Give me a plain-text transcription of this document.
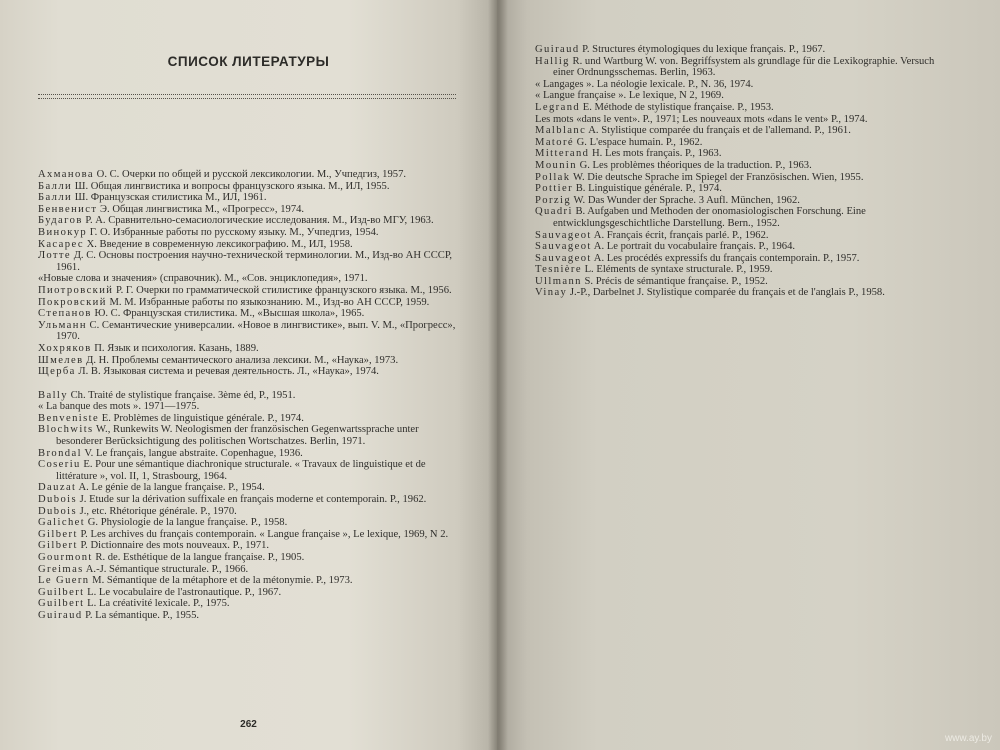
СПИСОК ЛИТЕРАТУРЫ
Ахманова О. С. Очерки по общей и русской лексикологии. М., Учпедгиз, 1957.
Балли Ш. Общая лингвистика и вопросы французского языка. М., ИЛ, 1955.
Балли Ш. Французская стилистика М., ИЛ, 1961.
Бенвенист Э. Общая лингвистика М., «Прогресс», 1974.
Будагов Р. А. Сравнительно-семасиологические исследования. М., Изд-во МГУ, 1963.
Винокур Г. О. Избранные работы по русскому языку. М., Учпедгиз, 1954.
Касарес Х. Введение в современную лексикографию. М., ИЛ, 1958.
Лотте Д. С. Основы построения научно-технической терминологии. М., Изд-во АН СССР, 1961.
«Новые слова и значения» (справочник). М., «Сов. энциклопедия», 1971.
Пиотровский Р. Г. Очерки по грамматической стилистике французского языка. М., 1956.
Покровский М. М. Избранные работы по языкознанию. М., Изд-во АН СССР, 1959.
Степанов Ю. С. Французская стилистика. М., «Высшая школа», 1965.
Ульманн С. Семантические универсалии. «Новое в лингвистике», вып. V. М., «Прогресс», 1970.
Хохряков П. Язык и психология. Казань, 1889.
Шмелев Д. Н. Проблемы семантического анализа лексики. М., «Наука», 1973.
Щерба Л. В. Языковая система и речевая деятельность. Л., «Наука», 1974.
Bally Ch. Traité de stylistique française. 3ème éd, P., 1951.
« La banque des mots ». 1971—1975.
Benveniste E. Problèmes de linguistique générale. P., 1974.
Blochwits W., Runkewits W. Neologismen der französischen Gegenwartssprache unter besonderer Berücksichtigung des politischen Wortschatzes. Berlin, 1971.
Brondal V. Le français, langue abstraite. Copenhague, 1936.
Coseriu E. Pour une sémantique diachronique structurale. « Travaux de linguistique et de littérature », vol. II, 1, Strasbourg, 1964.
Dauzat A. Le génie de la langue française. P., 1954.
Dubois J. Etude sur la dérivation suffixale en français moderne et contemporain. P., 1962.
Dubois J., etc. Rhétorique générale. P., 1970.
Galichet G. Physiologie de la langue française. P., 1958.
Gilbert P. Les archives du français contemporain. « Langue française », Le lexique, 1969, N 2.
Gilbert P. Dictionnaire des mots nouveaux. P., 1971.
Gourmont R. de. Esthétique de la langue française. P., 1905.
Greimas A.-J. Sémantique structurale. P., 1966.
Le Guern M. Sémantique de la métaphore et de la métonymie. P., 1973.
Guilbert L. Le vocabulaire de l'astronautique. P., 1967.
Guilbert L. La créativité lexicale. P., 1975.
Guiraud P. La sémantique. P., 1955.
262
Guiraud P. Structures étymologiques du lexique français. P., 1967.
Hallig R. und Wartburg W. von. Begriffsystem als grundlage für die Lexikographie. Versuch einer Ordnungsschemas. Berlin, 1963.
« Langages ». La néologie lexicale. P., N. 36, 1974.
« Langue française ». Le lexique, N 2, 1969.
Legrand E. Méthode de stylistique française. P., 1953.
Les mots «dans le vent». P., 1971; Les nouveaux mots «dans le vent» P., 1974.
Malblanc A. Stylistique comparée du français et de l'allemand. P., 1961.
Matoré G. L'espace humain. P., 1962.
Mitterand H. Les mots français. P., 1963.
Mounin G. Les problèmes théoriques de la traduction. P., 1963.
Pollak W. Die deutsche Sprache im Spiegel der Französischen. Wien, 1955.
Pottier B. Linguistique générale. P., 1974.
Porzig W. Das Wunder der Sprache. 3 Aufl. München, 1962.
Quadri B. Aufgaben und Methoden der onomasiologischen Forschung. Eine entwicklungsgeschichtliche Darstellung. Bern., 1952.
Sauvageot A. Français écrit, français parlé. P., 1962.
Sauvageot A. Le portrait du vocabulaire français. P., 1964.
Sauvageot A. Les procédés expressifs du français contemporain. P., 1957.
Tesnière L. Eléments de syntaxe structurale. P., 1959.
Ullmann S. Précis de sémantique française. P., 1952.
Vinay J.-P., Darbelnet J. Stylistique comparée du français et de l'anglais P., 1958.
www.ay.by
